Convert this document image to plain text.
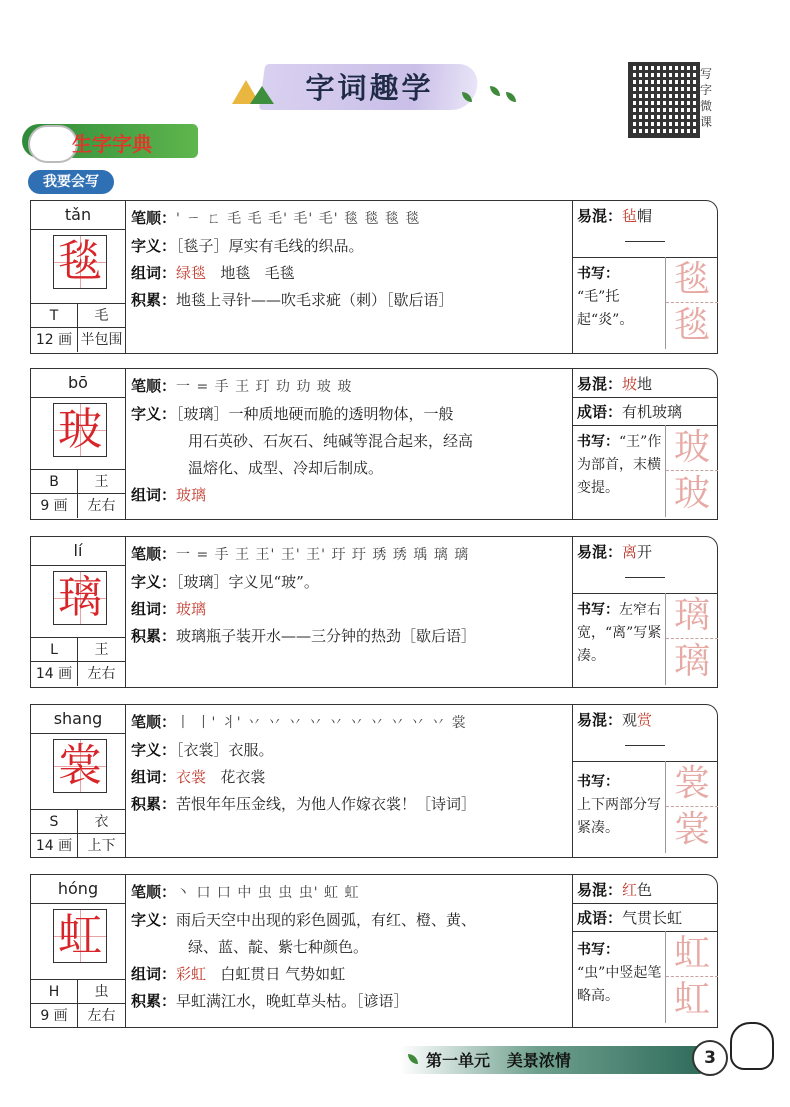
字词趣学	写字微课
生字字典
我要会写
tǎn
毯
T	毛
12 画 半包围
笔顺：' ㄧ ㄈ 毛 毛 毛' 毛' 毛' 毯 毯 毯 毯
字义：［毯子］厚实有毛线的织品。
组词：绿毯 地毯 毛毯
积累：地毯上寻针——吹毛求疵（刺）［歇后语］
易混：毡帽
书写：
“毛”托起“炎”。
毯
毯
bō
玻
B	王
9 画	左右
笔顺：一 = 手 王 玎 玏 玏 玻 玻
字义：［玻璃］一种质地硬而脆的透明物体，一般
用石英砂、石灰石、纯碱等混合起来，经高
温熔化、成型、冷却后制成。
组词：玻璃
易混：坡地
成语：有机玻璃
书写：“王”作为部首，末横变提。
玻
玻
lí
璃
L	王
14 画	左右
笔顺：一 = 手 王 王' 王' 王' 玗 玗 琇 琇 瑀 璃 璃
字义：［玻璃］字义见“玻”。
组词：玻璃
积累：玻璃瓶子装开水——三分钟的热劲［歇后语］
易混：离开
书写：左窄右宽，“离”写紧凑。
璃
璃
shang
裳
S	衣
14 画	上下
笔顺：丨 丨' 丬' 丷 丷 丷 丷 丷 丷 丷 丷 丷 丷 裳
字义：［衣裳］衣服。
组词：衣裳 花衣裳
积累：苦恨年年压金线，为他人作嫁衣裳！［诗词］
易混：观赏
书写：
上下两部分写紧凑。
裳
裳
hóng
虹
H	虫
9 画	左右
笔顺：丶 口 口 中 虫 虫 虫' 虹 虹
字义：雨后天空中出现的彩色圆弧，有红、橙、黄、
绿、蓝、靛、紫七种颜色。
组词：彩虹 白虹贯日 气势如虹
积累：早虹满江水，晚虹草头枯。［谚语］
易混：红色
成语：气贯长虹
书写：
“虫”中竖起笔略高。
虹
虹
第一单元 美景浓情	3
